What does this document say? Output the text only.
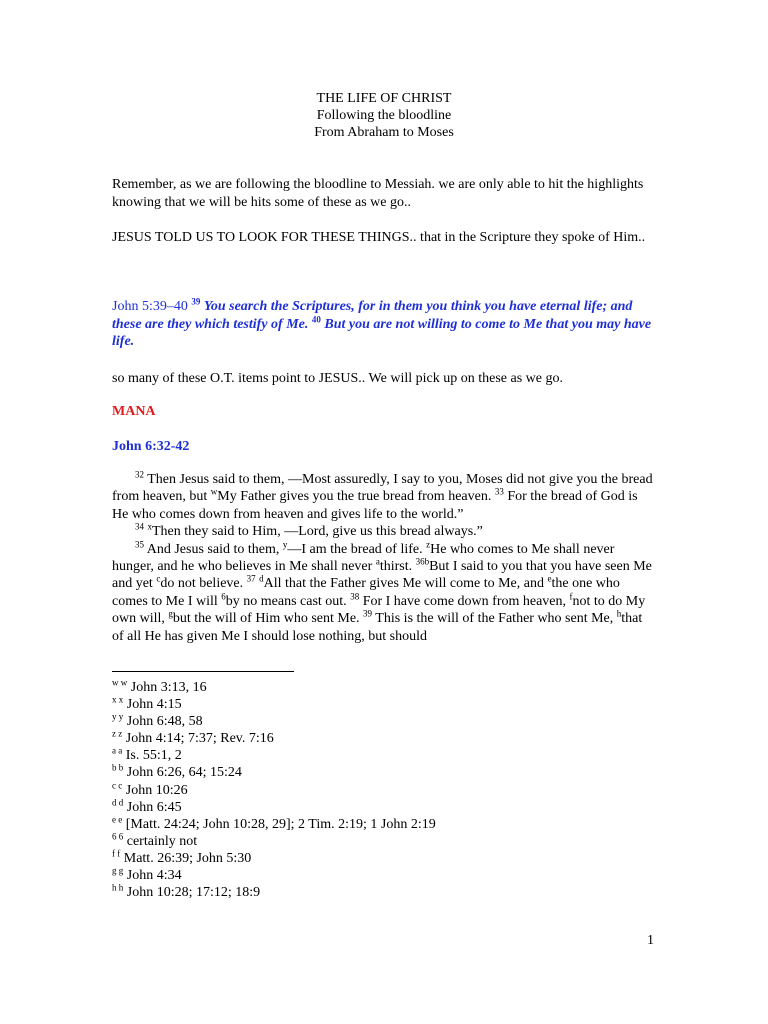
THE LIFE OF CHRIST
Following the bloodline
From Abraham to Moses
Remember, as we are following the bloodline to Messiah. we are only able to hit the highlights knowing that we will be hits some of these as we go..
JESUS TOLD US TO LOOK FOR THESE THINGS.. that in the Scripture they spoke of Him..
John 5:39–40 $^{39}$ You search the Scriptures, for in them you think you have eternal life; and these are they which testify of Me. $^{40}$ But you are not willing to come to Me that you may have life.
so many of these O.T. items point to JESUS.. We will pick up on these as we go.
MANA
John 6:32-42
$^{32}$ Then Jesus said to them, ―Most assuredly, I say to you, Moses did not give you the bread from heaven, but $^w$My Father gives you the true bread from heaven. $^{33}$ For the bread of God is He who comes down from heaven and gives life to the world.”
$^{34}$ $^x$Then they said to Him, ―Lord, give us this bread always.”
$^{35}$ And Jesus said to them, $^y$―I am the bread of life. $^z$He who comes to Me shall never hunger, and he who believes in Me shall never $^a$thirst. $^{36b}$But I said to you that you have seen Me and yet $^c$do not believe. $^{37}$ $^d$All that the Father gives Me will come to Me, and $^e$the one who comes to Me I will $^6$by no means cast out. $^{38}$ For I have come down from heaven, $^f$not to do My own will, $^g$but the will of Him who sent Me. $^{39}$ This is the will of the Father who sent Me, $^h$that of all He has given Me I should lose nothing, but should
$^{w w}$ John 3:13, 16
$^{x x}$ John 4:15
$^{y y}$ John 6:48, 58
$^{z z}$ John 4:14; 7:37; Rev. 7:16
$^{a a}$ Is. 55:1, 2
$^{b b}$ John 6:26, 64; 15:24
$^{c c}$ John 10:26
$^{d d}$ John 6:45
$^{e e}$ [Matt. 24:24; John 10:28, 29]; 2 Tim. 2:19; 1 John 2:19
$^{6 6}$ certainly not
$^{f f}$ Matt. 26:39; John 5:30
$^{g g}$ John 4:34
$^{h h}$ John 10:28; 17:12; 18:9
1
